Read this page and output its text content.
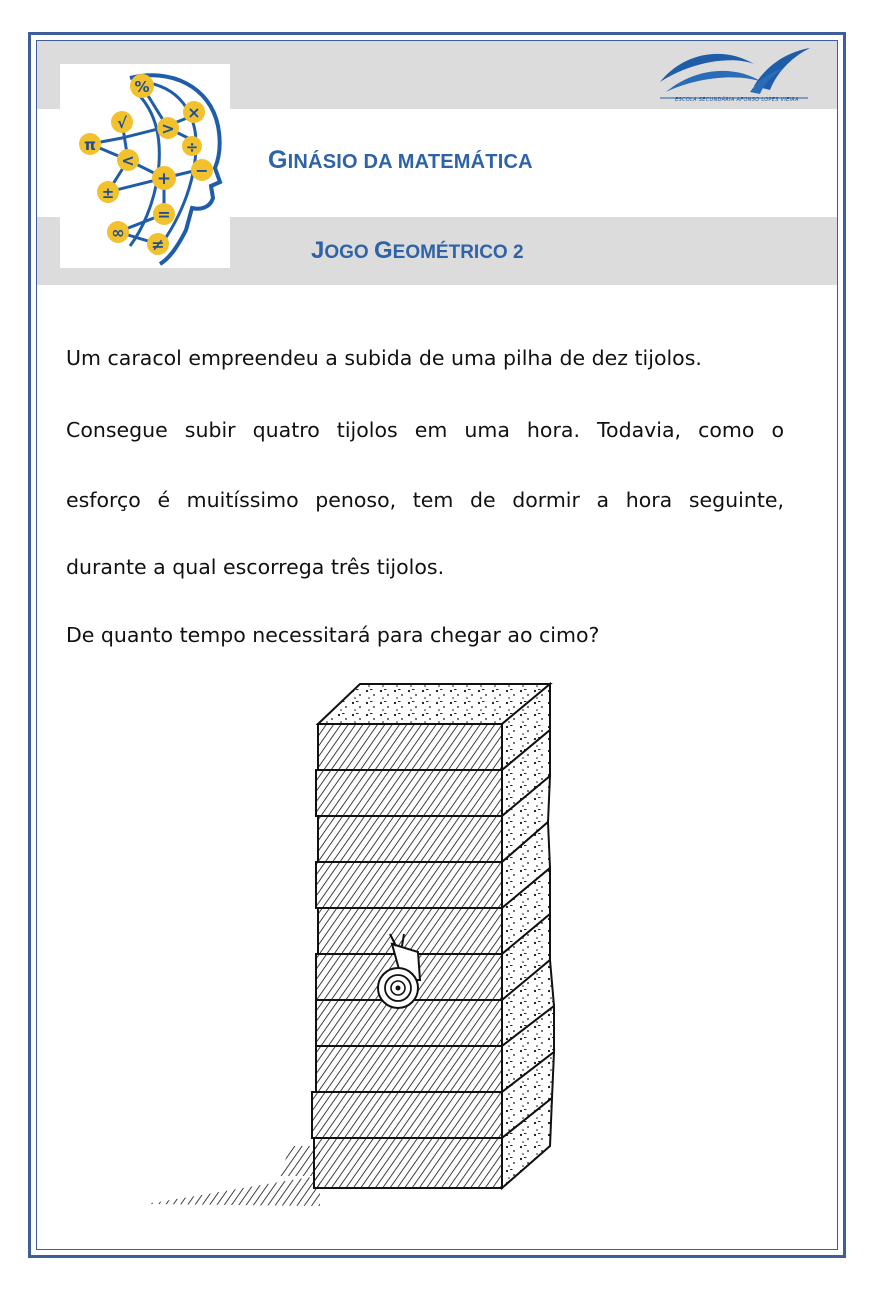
%
×
√ >
π
<
÷
−
+
±
=
∞
≠
ESCOLA SECUNDÁRIA AFONSO LOPES VIEIRA
GINÁSIO DA MATEMÁTICA
JOGO GEOMÉTRICO 2
Um caracol empreendeu a subida de uma pilha de dez tijolos.
Consegue subir quatro tijolos em uma hora. Todavia, como o
esforço é muitíssimo penoso, tem de dormir a hora seguinte,
durante a qual escorrega três tijolos.
De quanto tempo necessitará para chegar ao cimo?
